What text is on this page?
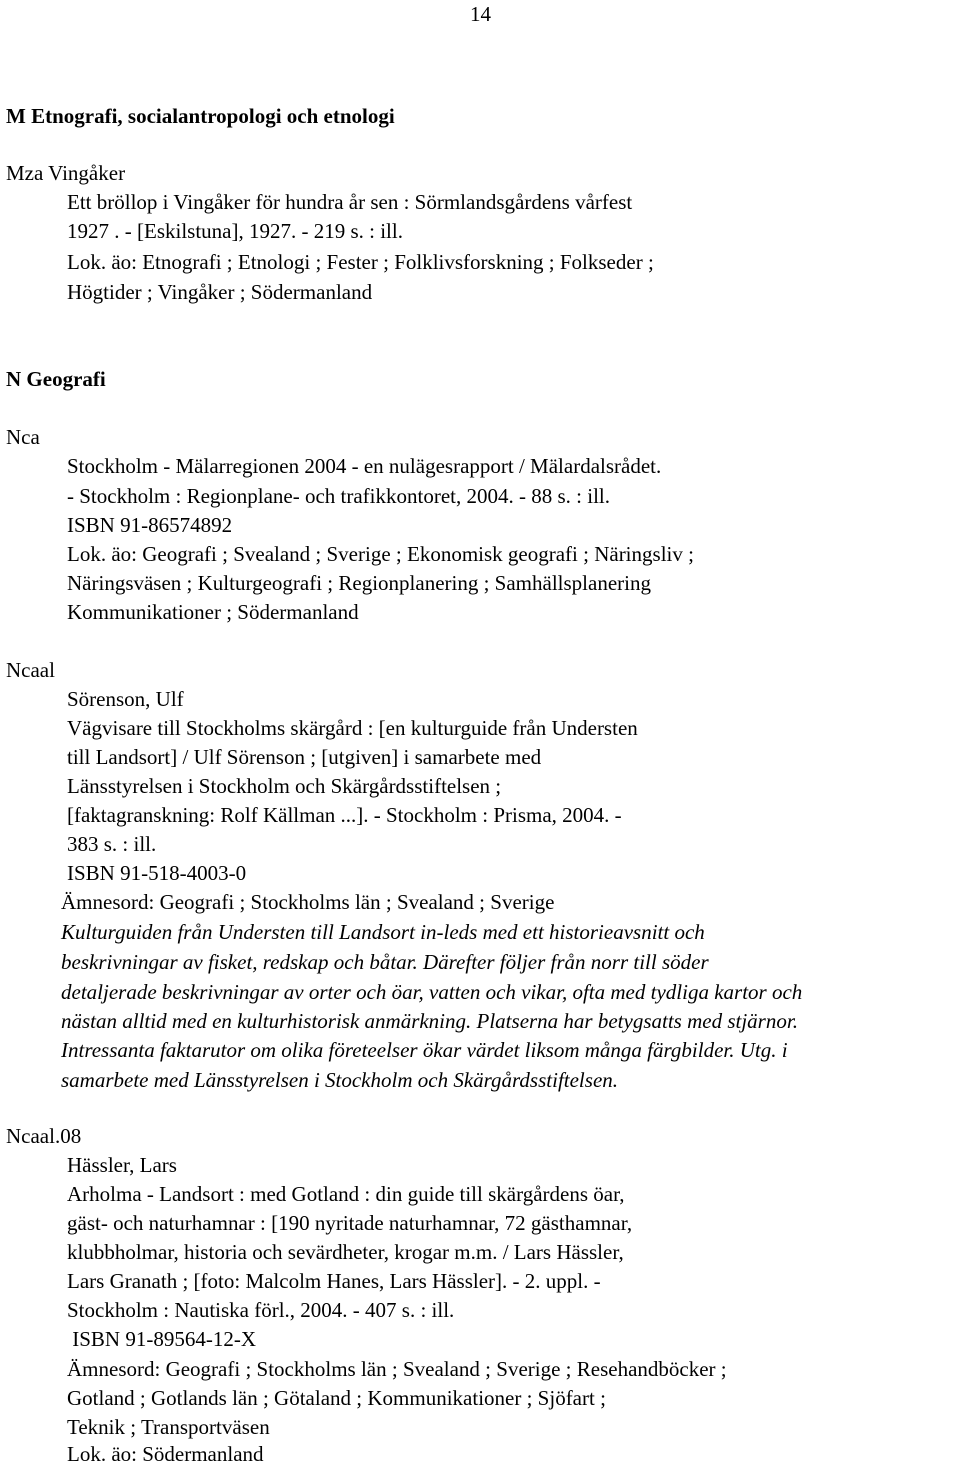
14
M Etnografi, socialantropologi och etnologi
Mza Vingåker
Ett bröllop i Vingåker för hundra år sen : Sörmlandsgårdens vårfest
1927 . - [Eskilstuna], 1927. - 219 s. : ill.
Lok. äo: Etnografi ; Etnologi ; Fester ; Folklivsforskning ; Folkseder ;
Högtider ; Vingåker ; Södermanland
N Geografi
Nca
Stockholm - Mälarregionen 2004 - en nulägesrapport / Mälardalsrådet.
- Stockholm : Regionplane- och trafikkontoret, 2004. - 88 s. : ill.
ISBN 91-86574892
Lok. äo: Geografi ; Svealand ; Sverige ; Ekonomisk geografi ; Näringsliv ;
Näringsväsen ; Kulturgeografi ; Regionplanering ; Samhällsplanering
Kommunikationer ; Södermanland
Ncaal
Sörenson, Ulf
Vägvisare till Stockholms skärgård : [en kulturguide från Understen
till Landsort] / Ulf Sörenson ; [utgiven] i samarbete med
Länsstyrelsen i Stockholm och Skärgårdsstiftelsen ;
[faktagranskning: Rolf Källman ...]. - Stockholm : Prisma, 2004. -
383 s. : ill.
ISBN 91-518-4003-0
Ämnesord: Geografi ; Stockholms län ; Svealand ; Sverige
Kulturguiden från Understen till Landsort in-leds med ett historieavsnitt och
beskrivningar av fisket, redskap och båtar. Därefter följer från norr till söder
detaljerade beskrivningar av orter och öar, vatten och vikar, ofta med tydliga kartor och
nästan alltid med en kulturhistorisk anmärkning. Platserna har betygsatts med stjärnor.
Intressanta faktarutor om olika företeelser ökar värdet liksom många färgbilder. Utg. i
samarbete med Länsstyrelsen i Stockholm och Skärgårdsstiftelsen.
Ncaal.08
Hässler, Lars
Arholma - Landsort : med Gotland : din guide till skärgårdens öar,
gäst- och naturhamnar : [190 nyritade naturhamnar, 72 gästhamnar,
klubbholmar, historia och sevärdheter, krogar m.m. / Lars Hässler,
Lars Granath ; [foto: Malcolm Hanes, Lars Hässler]. - 2. uppl. -
Stockholm : Nautiska förl., 2004. - 407 s. : ill.
ISBN 91-89564-12-X
Ämnesord: Geografi ; Stockholms län ; Svealand ; Sverige ; Resehandböcker ;
Gotland ; Gotlands län ; Götaland ; Kommunikationer ; Sjöfart ;
Teknik ; Transportväsen
Lok. äo: Södermanland
